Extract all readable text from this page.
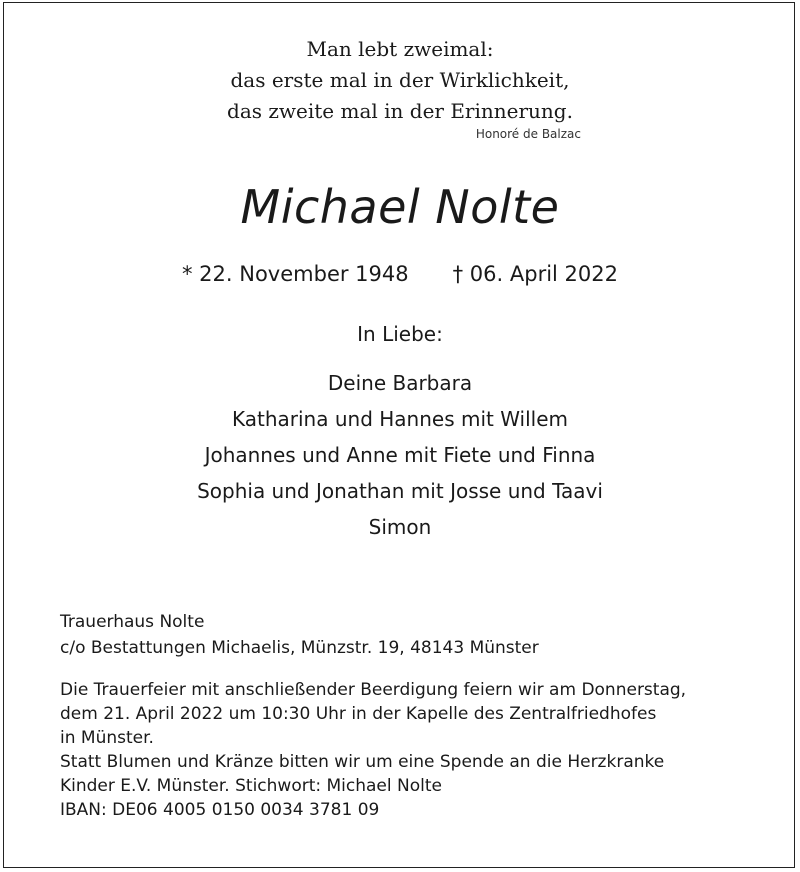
Man lebt zweimal:
das erste mal in der Wirklichkeit,
das zweite mal in der Erinnerung.
Honoré de Balzac
Michael Nolte
* 22. November 1948 † 06. April 2022
In Liebe:
Deine Barbara
Katharina und Hannes mit Willem
Johannes und Anne mit Fiete und Finna
Sophia und Jonathan mit Josse und Taavi
Simon
Trauerhaus Nolte
c/o Bestattungen Michaelis, Münzstr. 19, 48143 Münster
Die Trauerfeier mit anschließender Beerdigung feiern wir am Donnerstag,
dem 21. April 2022 um 10:30 Uhr in der Kapelle des Zentralfriedhofes
in Münster.
Statt Blumen und Kränze bitten wir um eine Spende an die Herzkranke
Kinder E.V. Münster. Stichwort: Michael Nolte
IBAN: DE06 4005 0150 0034 3781 09
